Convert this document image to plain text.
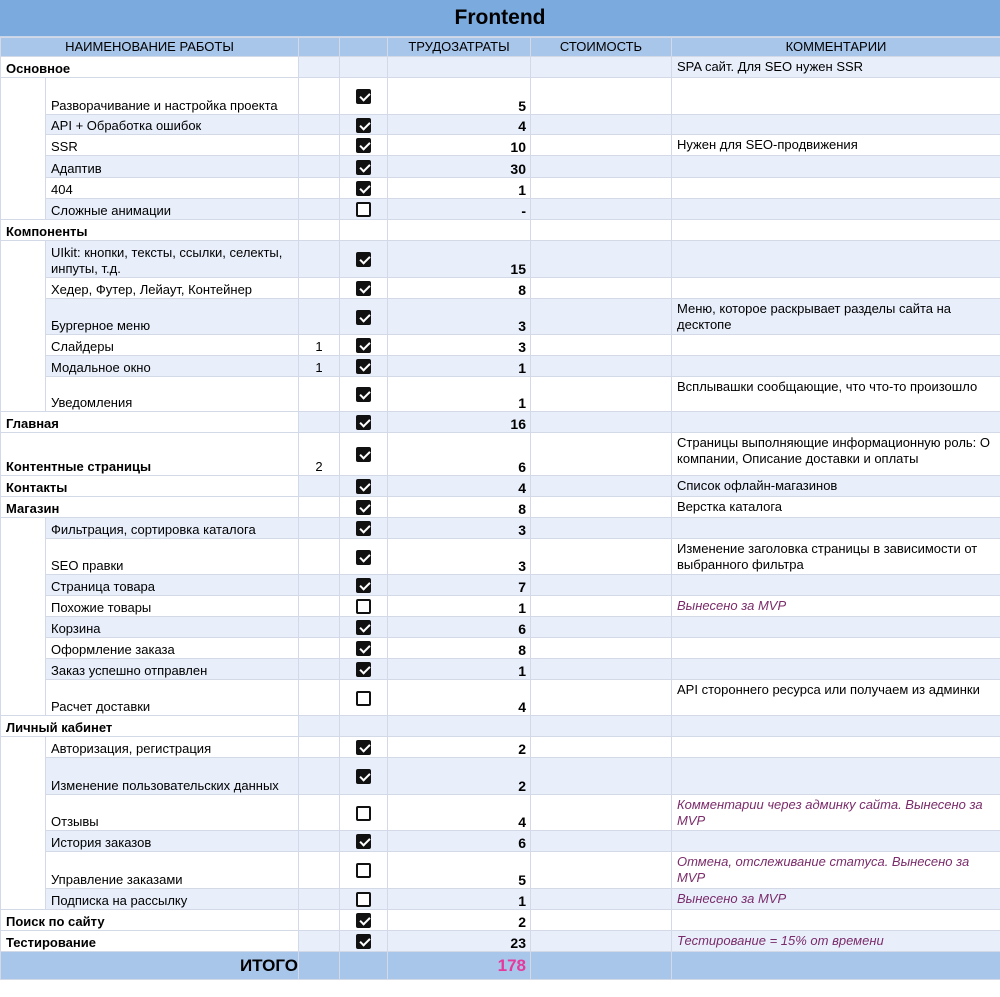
Frontend
НАИМЕНОВАНИЕ РАБОТЫ				ТРУДОЗАТРАТЫ	СТОИМОСТЬ	КОММЕНТАРИИ
Основное						SPA сайт. Для SEO нужен SSR
	Разворачивание и настройка проекта			5		
	API + Обработка ошибок			4		
	SSR			10		Нужен для SEO-продвижения
	Адаптив			30		
	404			1		
	Сложные анимации			-		
Компоненты						
	UIkit: кнопки, тексты, ссылки, селекты, инпуты, т.д.			15		
	Хедер, Футер, Лейаут, Контейнер			8		
	Бургерное меню			3		Меню, которое раскрывает разделы сайта на десктопе
	Слайдеры	1		3		
	Модальное окно	1		1		
	Уведомления			1		Всплывашки сообщающие, что что-то произошло
Главная				16		
Контентные страницы		2		6		Страницы выполняющие информационную роль: О компании, Описание доставки и оплаты
Контакты				4		Список офлайн-магазинов
Магазин				8		Верстка каталога
	Фильтрация, сортировка каталога			3		
	SEO правки			3		Изменение заголовка страницы в зависимости от выбранного фильтра
	Страница товара			7		
	Похожие товары			1		Вынесено за MVP
	Корзина			6		
	Оформление заказа			8		
	Заказ успешно отправлен			1		
	Расчет доставки			4		API стороннего ресурса или получаем из админки
Личный кабинет						
	Авторизация, регистрация			2		
	Изменение пользовательских данных			2		
	Отзывы			4		Комментарии через админку сайта. Вынесено за MVP
	История заказов			6		
	Управление заказами			5		Отмена, отслеживание статуса. Вынесено за MVP
	Подписка на рассылку			1		Вынесено за MVP
Поиск по сайту				2		
Тестирование				23		Тестирование = 15% от времени
ИТОГО				178		
